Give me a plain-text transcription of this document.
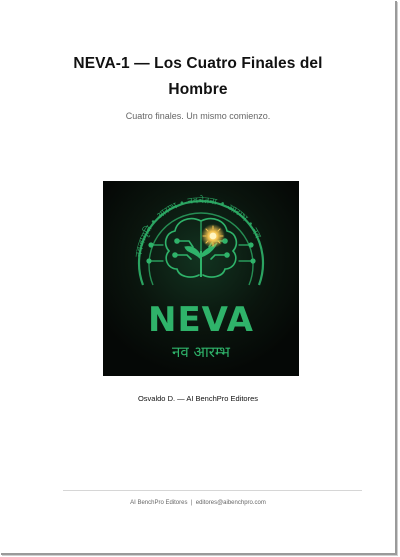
NEVA-1 — Los Cuatro Finales del
Hombre
Cuatro finales. Un mismo comienzo.
नवजागृति • आरम्भ • नवचेतना • आरम्भ • नव
NEVA
नव आरम्भ
Osvaldo D. — AI BenchPro Editores
AI BenchPro Editores | editores@aibenchpro.com
